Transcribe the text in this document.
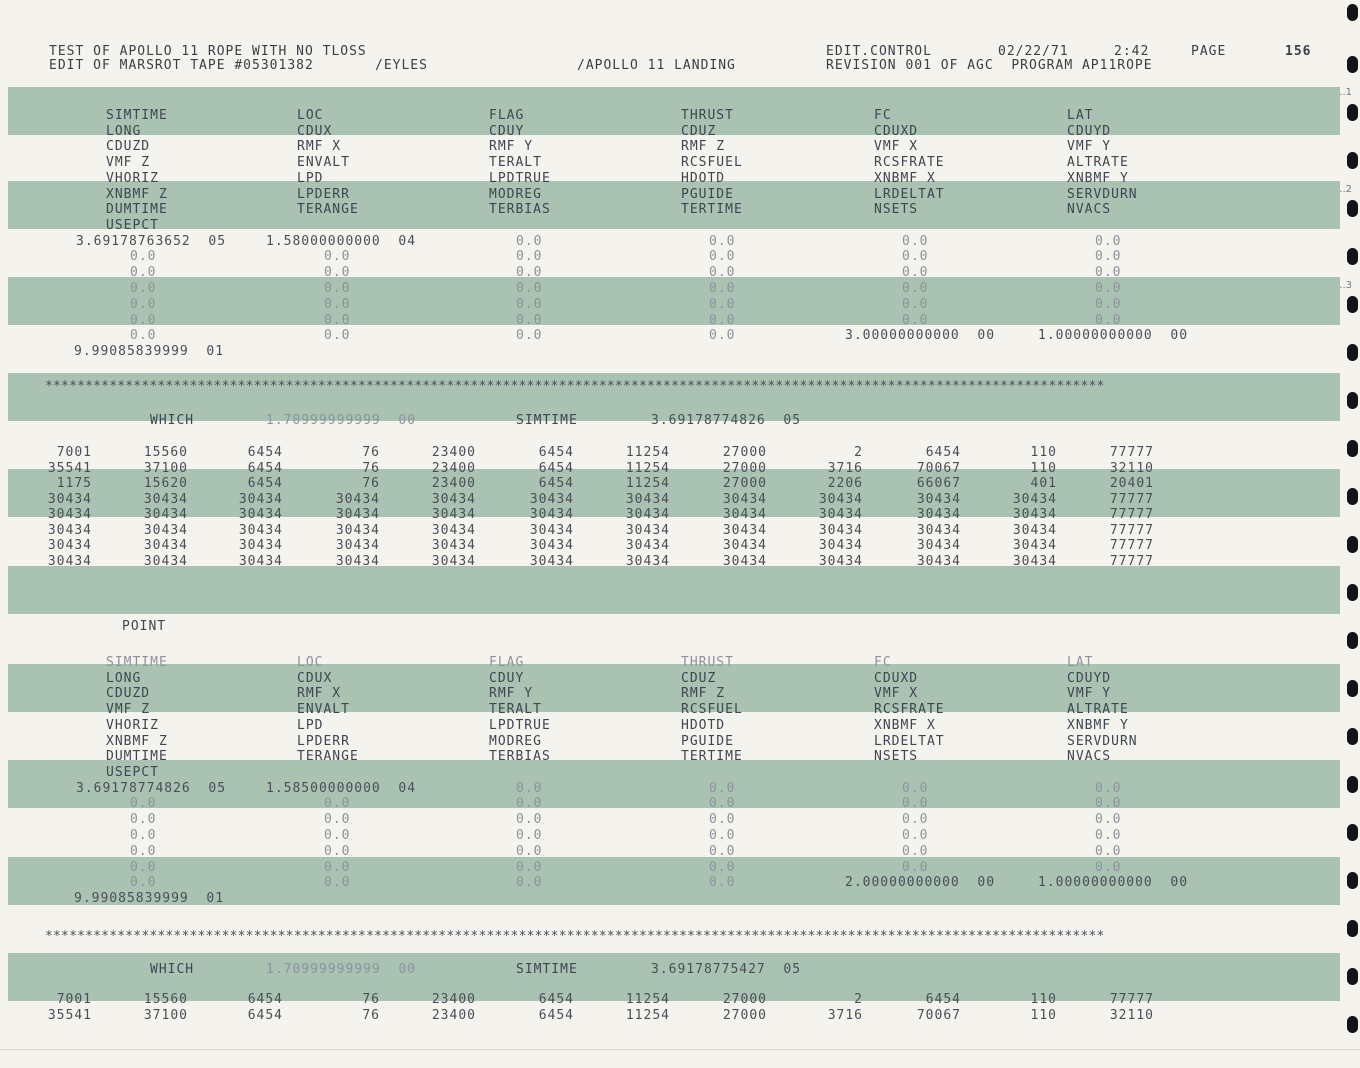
TEST OF APOLLO 11 ROPE WITH NO TLOSS
EDIT OF MARSROT TAPE #05301382	/EYLES	/APOLLO 11 LANDING
EDIT.CONTROL	02/22/71	2:42	PAGE	156
REVISION 001 OF AGC  PROGRAM AP11ROPE
..1
..2
..3
SIMTIME	LOC	FLAG	THRUST	FC	LAT
LONG	CDUX	CDUY	CDUZ	CDUXD	CDUYD
CDUZD	RMF X	RMF Y	RMF Z	VMF X	VMF Y
VMF Z	ENVALT	TERALT	RCSFUEL	RCSFRATE	ALTRATE
VHORIZ	LPD	LPDTRUE	HDOTD	XNBMF X	XNBMF Y
XNBMF Z	LPDERR	MODREG	PGUIDE	LRDELTAT	SERVDURN
DUMTIME	TERANGE	TERBIAS	TERTIME	NSETS	NVACS
USEPCT
3.69178763652  05	1.58000000000  04	0.0	0.0	0.0	0.0
0.0	0.0	0.0	0.0	0.0	0.0
0.0	0.0	0.0	0.0	0.0	0.0
0.0	0.0	0.0	0.0	0.0	0.0
0.0	0.0	0.0	0.0	0.0	0.0
0.0	0.0	0.0	0.0	0.0	0.0
0.0	0.0	0.0	0.0	3.00000000000  00	1.00000000000  00
9.99085839999  01
************************************************************************************************************************************
WHICH	1.70999999999  00	SIMTIME	3.69178774826  05
7001	15560	6454	76	23400	6454	11254	27000	2	6454	110	77777
35541	37100	6454	76	23400	6454	11254	27000	3716	70067	110	32110
1175	15620	6454	76	23400	6454	11254	27000	2206	66067	401	20401
30434	30434	30434	30434	30434	30434	30434	30434	30434	30434	30434	77777
30434	30434	30434	30434	30434	30434	30434	30434	30434	30434	30434	77777
30434	30434	30434	30434	30434	30434	30434	30434	30434	30434	30434	77777
30434	30434	30434	30434	30434	30434	30434	30434	30434	30434	30434	77777
30434	30434	30434	30434	30434	30434	30434	30434	30434	30434	30434	77777
POINT
SIMTIME	LOC	FLAG	THRUST	FC	LAT
LONG	CDUX	CDUY	CDUZ	CDUXD	CDUYD
CDUZD	RMF X	RMF Y	RMF Z	VMF X	VMF Y
VMF Z	ENVALT	TERALT	RCSFUEL	RCSFRATE	ALTRATE
VHORIZ	LPD	LPDTRUE	HDOTD	XNBMF X	XNBMF Y
XNBMF Z	LPDERR	MODREG	PGUIDE	LRDELTAT	SERVDURN
DUMTIME	TERANGE	TERBIAS	TERTIME	NSETS	NVACS
USEPCT
3.69178774826  05	1.58500000000  04	0.0	0.0	0.0	0.0
0.0	0.0	0.0	0.0	0.0	0.0
0.0	0.0	0.0	0.0	0.0	0.0
0.0	0.0	0.0	0.0	0.0	0.0
0.0	0.0	0.0	0.0	0.0	0.0
0.0	0.0	0.0	0.0	0.0	0.0
0.0	0.0	0.0	0.0	2.00000000000  00	1.00000000000  00
9.99085839999  01
************************************************************************************************************************************
WHICH	1.70999999999  00	SIMTIME	3.69178775427  05
7001	15560	6454	76	23400	6454	11254	27000	2	6454	110	77777
35541	37100	6454	76	23400	6454	11254	27000	3716	70067	110	32110
